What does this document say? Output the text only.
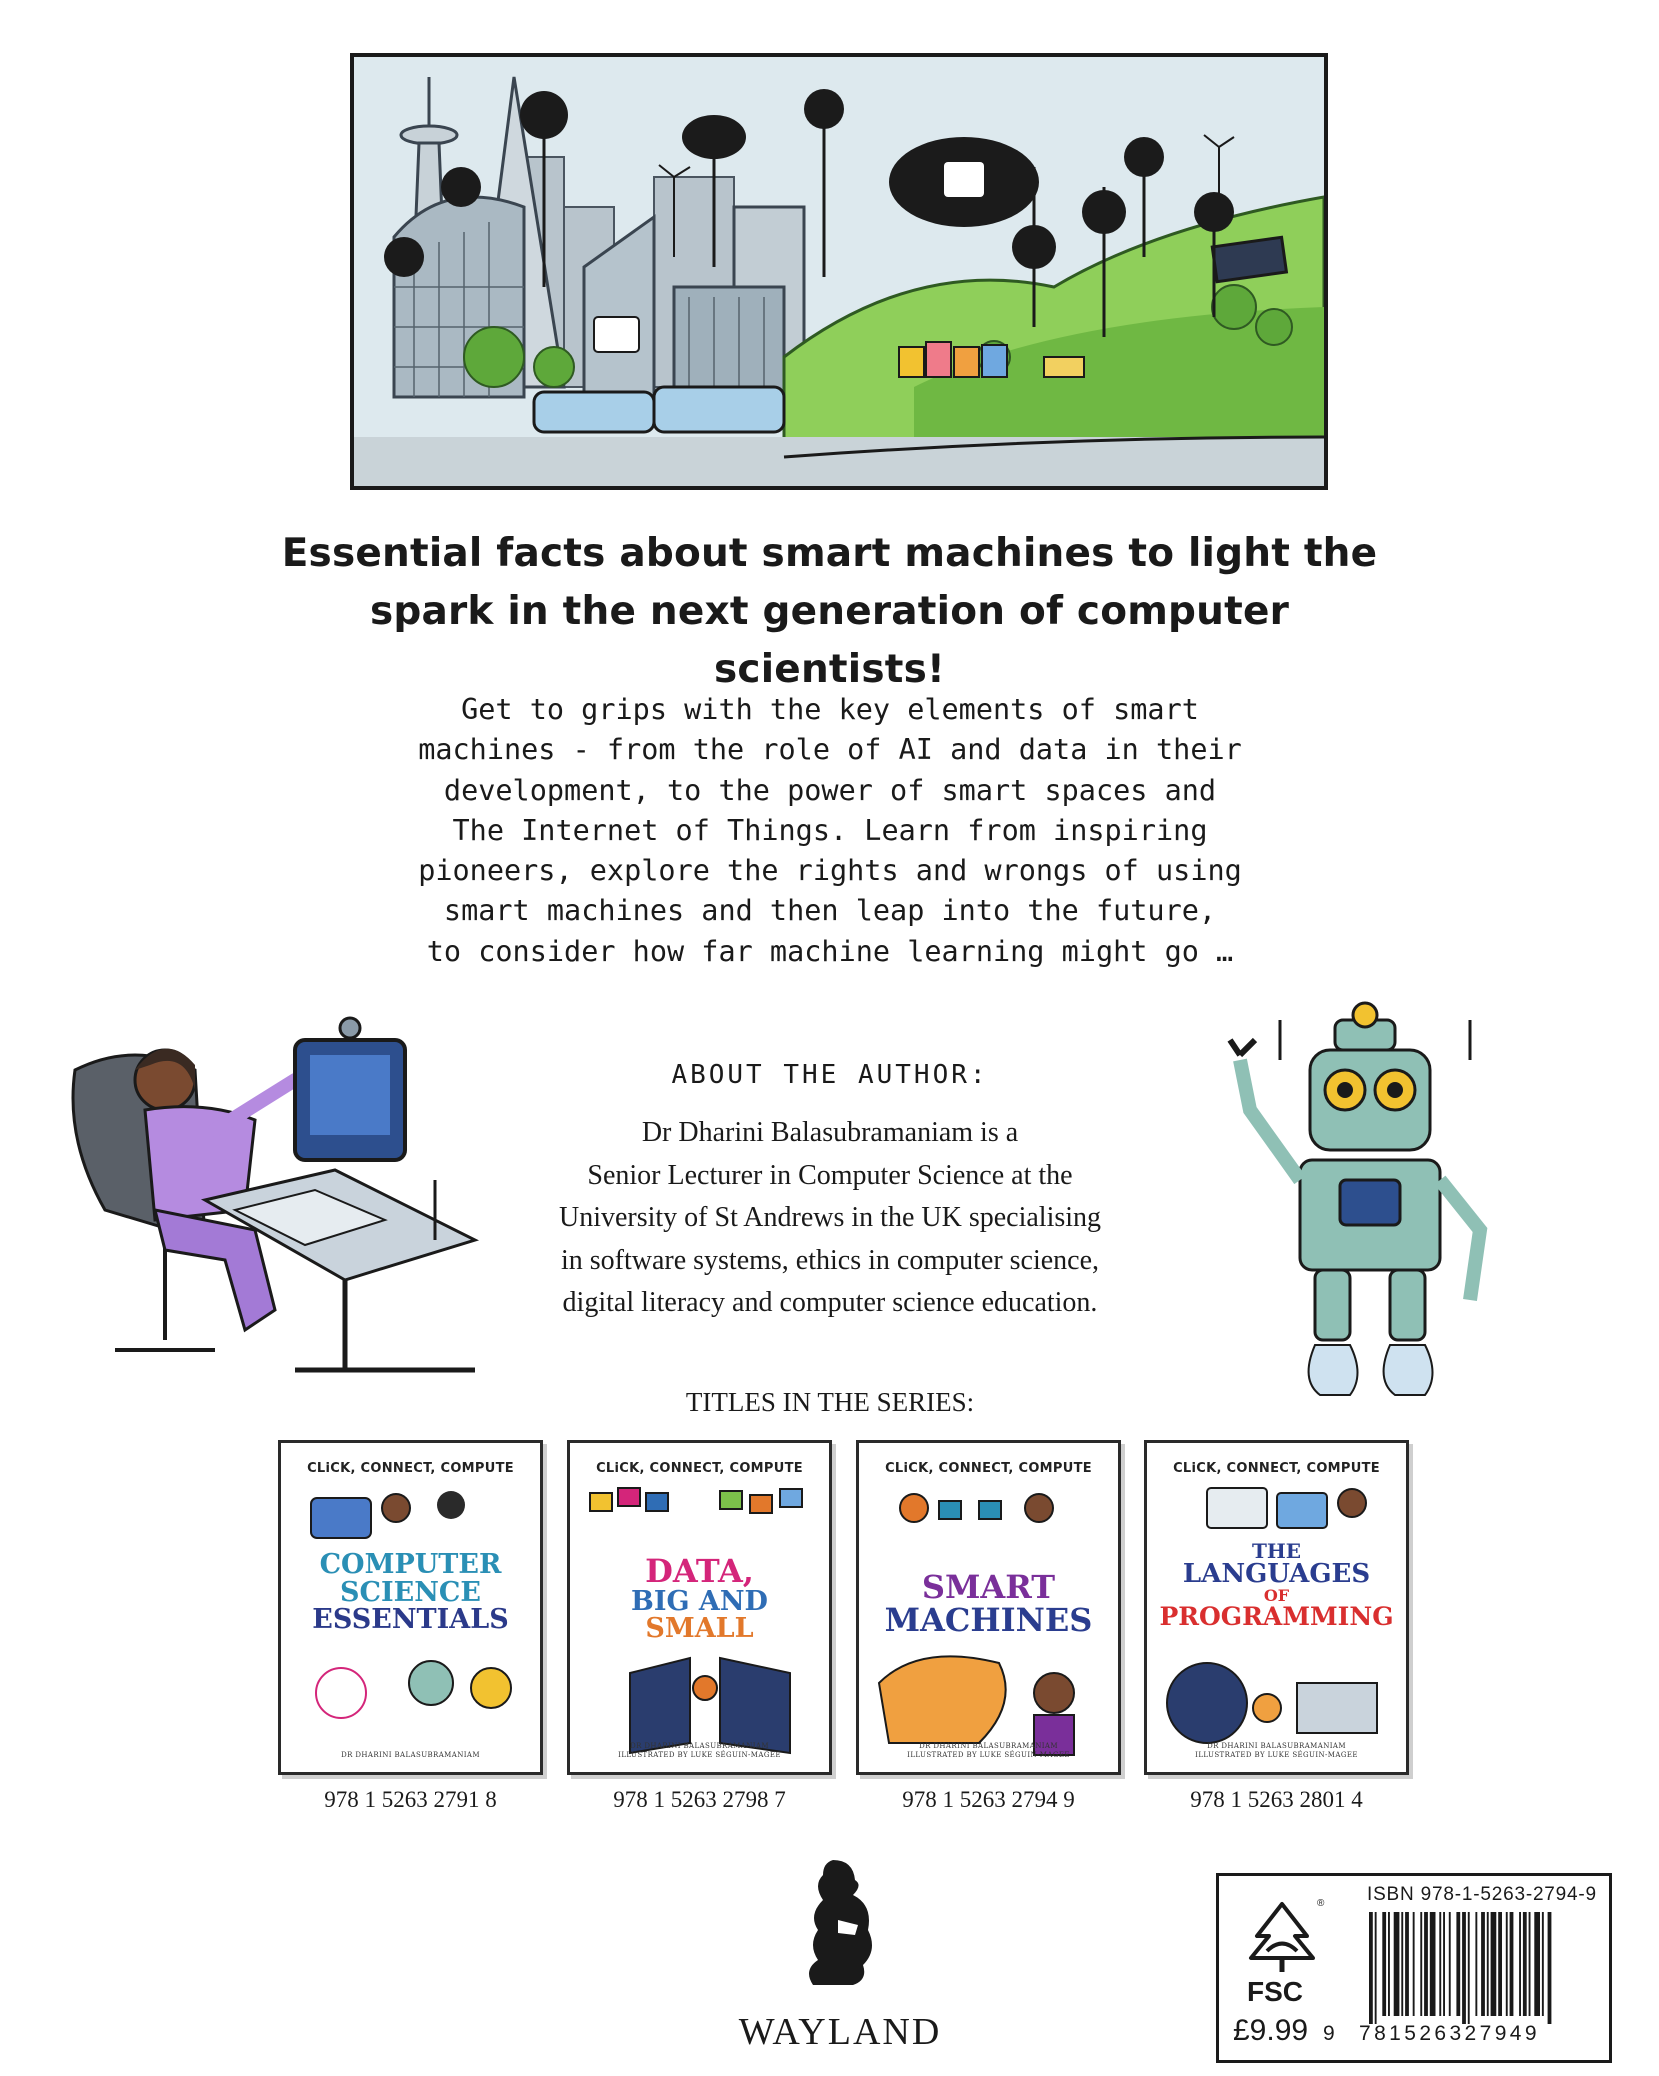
Essential facts about smart machines to light the
spark in the next generation of computer scientists!
Get to grips with the key elements of smart
machines - from the role of AI and data in their
development, to the power of smart spaces and
The Internet of Things. Learn from inspiring
pioneers, explore the rights and wrongs of using
smart machines and then leap into the future,
to consider how far machine learning might go …
ABOUT THE AUTHOR:
Dr Dharini Balasubramaniam is a
Senior Lecturer in Computer Science at the
University of St Andrews in the UK specialising
in software systems, ethics in computer science,
digital literacy and computer science education.
TITLES IN THE SERIES:
CLiCK, CONNECT, COMPUTE
COMPUTER
SCIENCE
ESSENTIALS
DR DHARINI BALASUBRAMANIAM
978 1 5263 2791 8
CLiCK, CONNECT, COMPUTE
DATA,
BIG AND
SMALL
DR DHARINI BALASUBRAMANIAM
ILLUSTRATED BY LUKE SÉGUIN-MAGEE
978 1 5263 2798 7
CLiCK, CONNECT, COMPUTE
SMART
MACHINES
DR DHARINI BALASUBRAMANIAM
ILLUSTRATED BY LUKE SÉGUIN-MAGEE
978 1 5263 2794 9
CLiCK, CONNECT, COMPUTE
THE
LANGUAGES
OF
PROGRAMMING
DR DHARINI BALASUBRAMANIAM
ILLUSTRATED BY LUKE SÉGUIN-MAGEE
978 1 5263 2801 4
WAYLAND
ISBN 978-1-5263-2794-9
®
FSC
£9.99 9 781526327949
